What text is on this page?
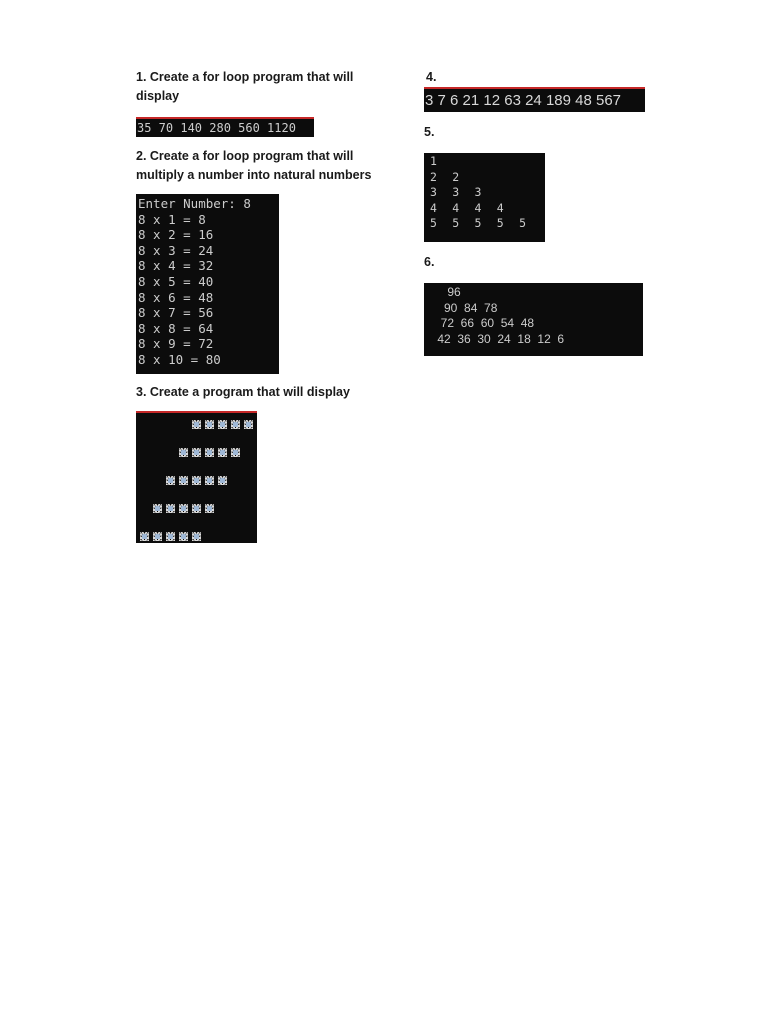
1. Create a for loop program that will

display

35 70 140 280 560 1120

2. Create a for loop program that will

multiply a number into natural numbers

Enter Number: 8
8 x 1 = 8
8 x 2 = 16
8 x 3 = 24
8 x 4 = 32
8 x 5 = 40
8 x 6 = 48
8 x 7 = 56
8 x 8 = 64
8 x 9 = 72
8 x 10 = 80

3. Create a program that will display

4.

3 7 6 21 12 63 24 189 48 567

5.

1
2  2
3  3  3
4  4  4  4
5  5  5  5  5

6.

96
90  84  78
72  66  60  54  48
42  36  30  24  18  12  6
